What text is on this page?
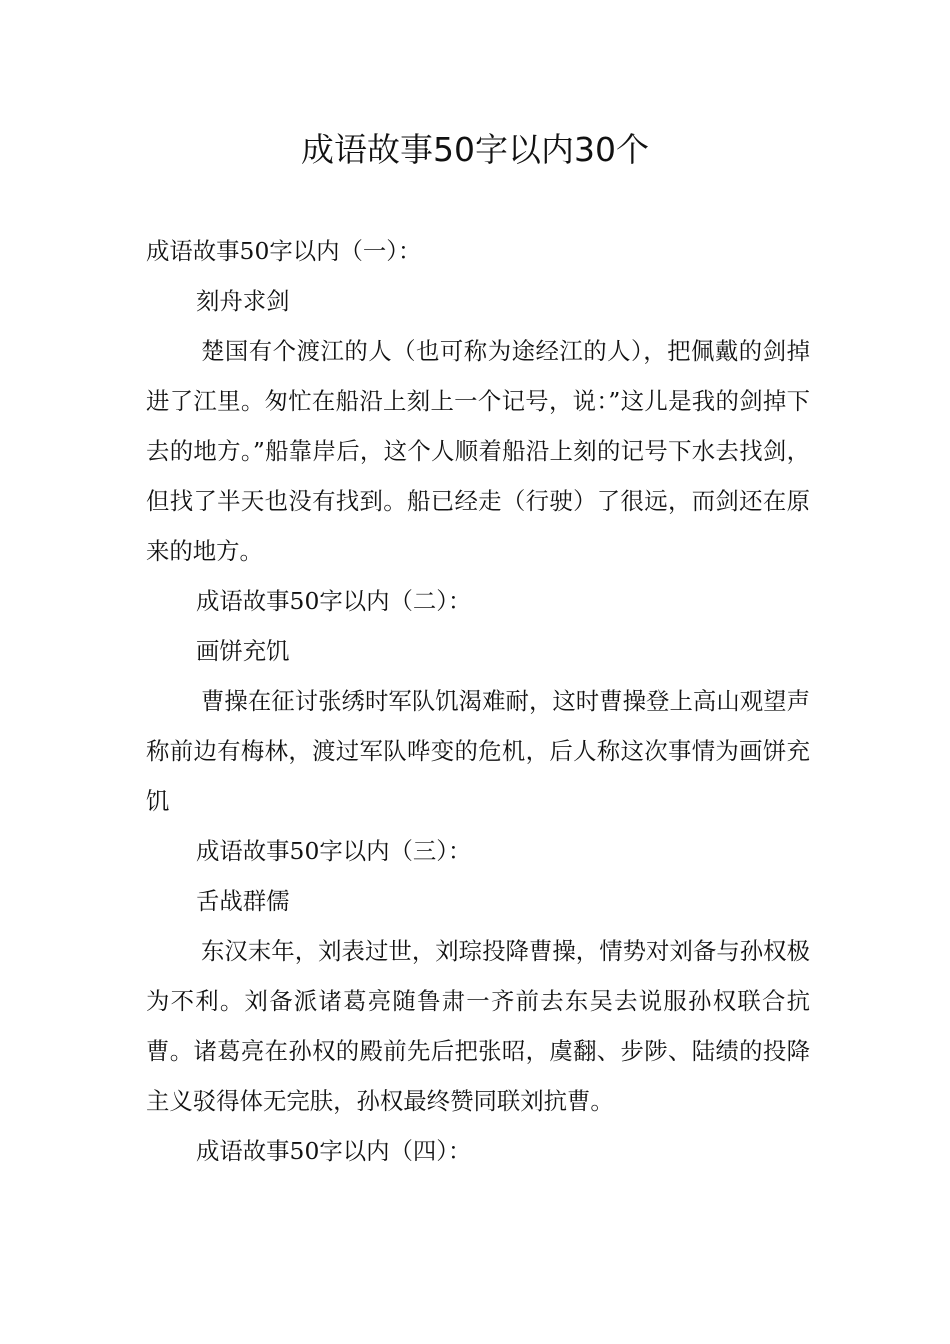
成语故事50字以内30个

成语故事50字以内（一）：

刻舟求剑

楚国有个渡江的人（也可称为途经江的人），把佩戴的剑掉进了江里。匆忙在船沿上刻上一个记号，说：”这儿是我的剑掉下去的地方。”船靠岸后，这个人顺着船沿上刻的记号下水去找剑，但找了半天也没有找到。船已经走（行驶）了很远，而剑还在原来的地方。

成语故事50字以内（二）：

画饼充饥

曹操在征讨张绣时军队饥渴难耐，这时曹操登上高山观望声称前边有梅林，渡过军队哗变的危机，后人称这次事情为画饼充饥

成语故事50字以内（三）：

舌战群儒

东汉末年，刘表过世，刘琮投降曹操，情势对刘备与孙权极为不利。刘备派诸葛亮随鲁肃一齐前去东吴去说服孙权联合抗曹。诸葛亮在孙权的殿前先后把张昭，虞翻、步陟、陆绩的投降主义驳得体无完肤，孙权最终赞同联刘抗曹。

成语故事50字以内（四）：
